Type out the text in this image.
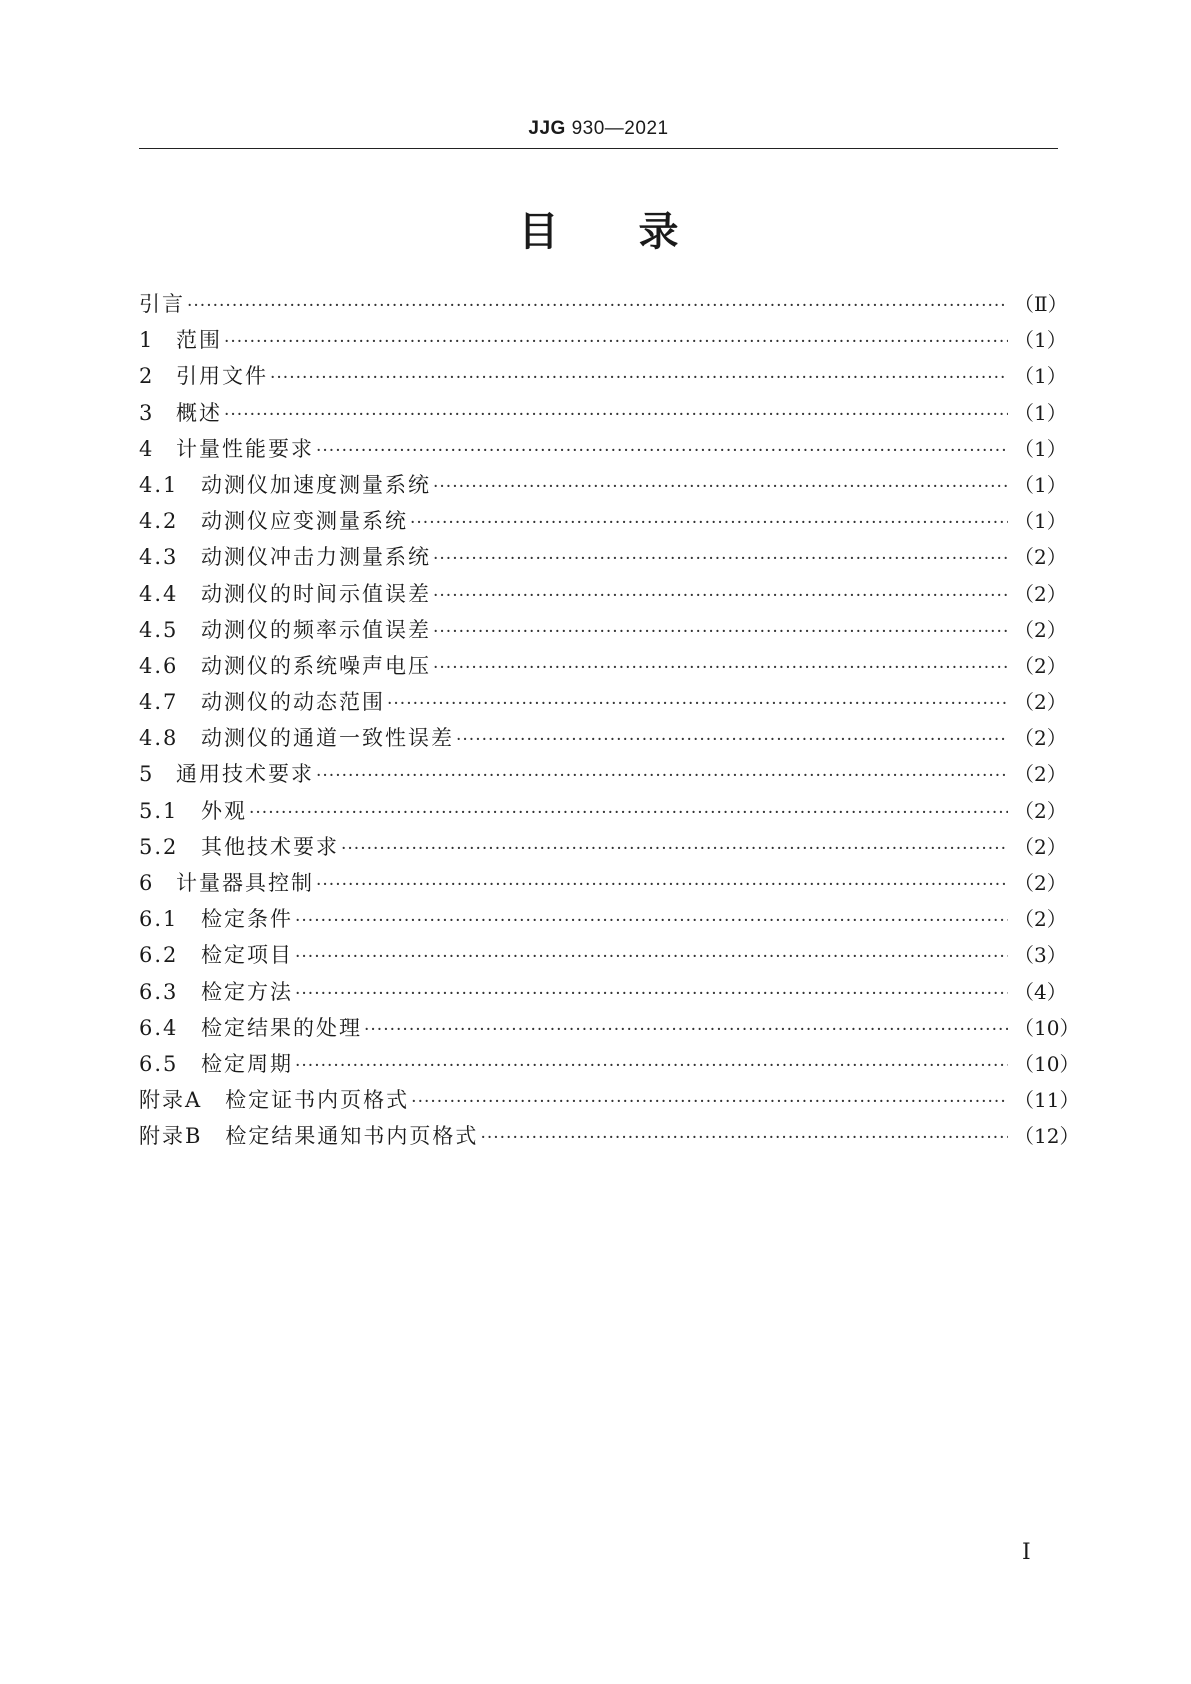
JJG 930—2021
目录
引言 ·····	（Ⅱ）
1	范围 ·····	（1）
2	引用文件 ·····	（1）
3	概述 ·····	（1）
4	计量性能要求 ·····	（1）
4.1	动测仪加速度测量系统 ·····	（1）
4.2	动测仪应变测量系统 ·····	（1）
4.3	动测仪冲击力测量系统 ·····	（2）
4.4	动测仪的时间示值误差 ·····	（2）
4.5	动测仪的频率示值误差 ·····	（2）
4.6	动测仪的系统噪声电压 ·····	（2）
4.7	动测仪的动态范围 ·····	（2）
4.8	动测仪的通道一致性误差 ·····	（2）
5	通用技术要求 ·····	（2）
5.1	外观 ·····	（2）
5.2	其他技术要求 ·····	（2）
6	计量器具控制 ·····	（2）
6.1	检定条件 ·····	（2）
6.2	检定项目 ·····	（3）
6.3	检定方法 ·····	（4）
6.4	检定结果的处理 ·····	（10）
6.5	检定周期 ·····	（10）
附录A　检定证书内页格式 ·····	（11）
附录B　检定结果通知书内页格式 ·····	（12）
Ⅰ
